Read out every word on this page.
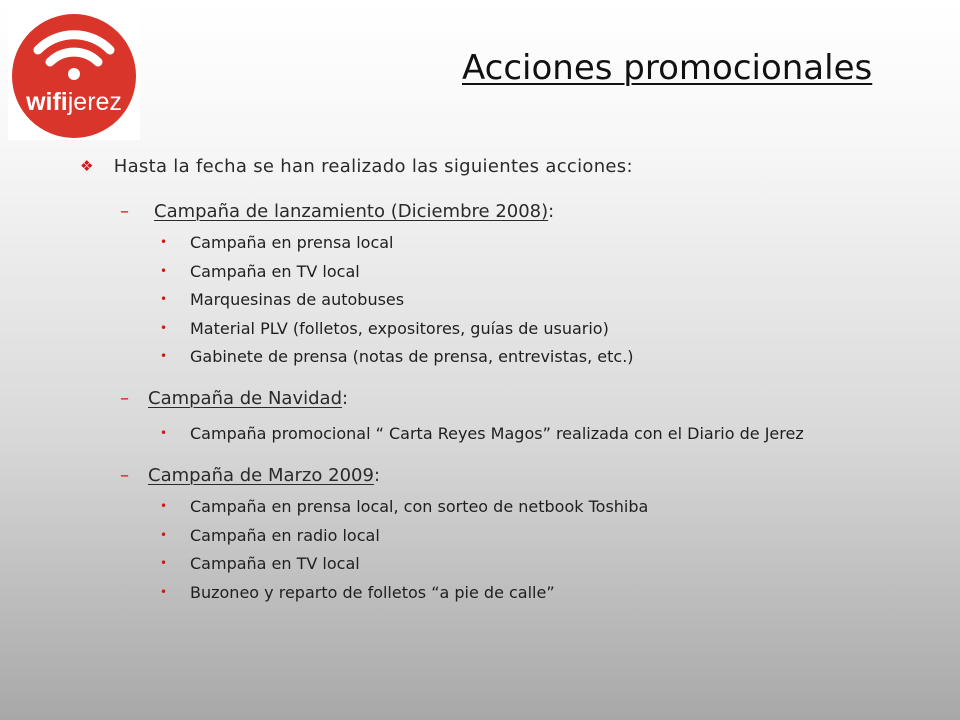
wifijerez
Acciones promocionales
❖ Hasta la fecha se han realizado las siguientes acciones:
– Campaña de lanzamiento (Diciembre 2008):
• Campaña en prensa local
• Campaña en TV local
• Marquesinas de autobuses
• Material PLV (folletos, expositores, guías de usuario)
• Gabinete de prensa (notas de prensa, entrevistas, etc.)
– Campaña de Navidad:
• Campaña promocional “ Carta Reyes Magos” realizada con el Diario de Jerez
– Campaña de Marzo 2009:
• Campaña en prensa local, con sorteo de netbook Toshiba
• Campaña en radio local
• Campaña en TV local
• Buzoneo y reparto de folletos “a pie de calle”
